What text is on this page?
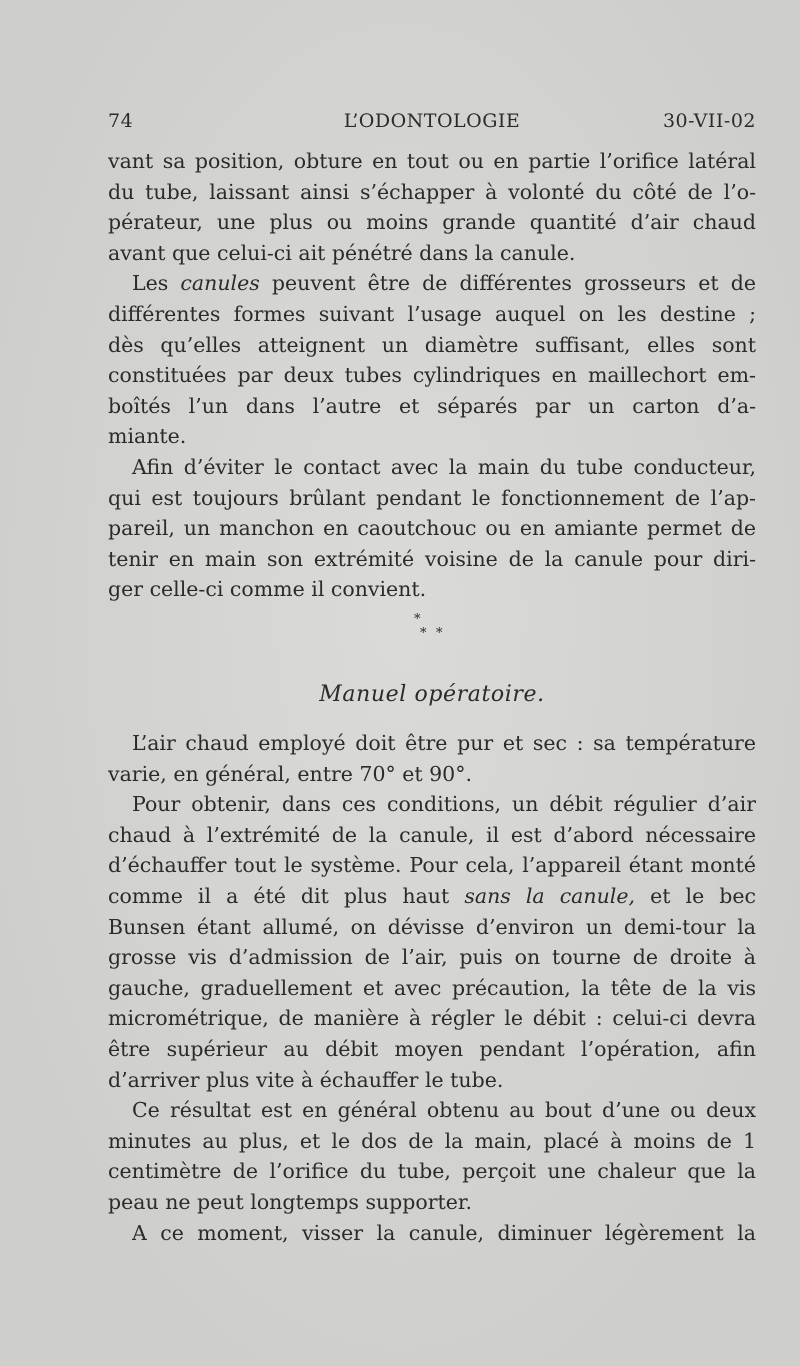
74	L’ODONTOLOGIE	30-VII-02
vant sa position, obture en tout ou en partie l’orifice latéral
du tube, laissant ainsi s’échapper à volonté du côté de l’o-
pérateur, une plus ou moins grande quantité d’air chaud
avant que celui-ci ait pénétré dans la canule.
Les canules peuvent être de différentes grosseurs et de
différentes formes suivant l’usage auquel on les destine ;
dès qu’elles atteignent un diamètre suffisant, elles sont
constituées par deux tubes cylindriques en maillechort em-
boîtés l’un dans l’autre et séparés par un carton d’a-
miante.
Afin d’éviter le contact avec la main du tube conducteur,
qui est toujours brûlant pendant le fonctionnement de l’ap-
pareil, un manchon en caoutchouc ou en amiante permet de
tenir en main son extrémité voisine de la canule pour diri-
ger celle-ci comme il convient.
*
* *
Manuel opératoire.
L’air chaud employé doit être pur et sec : sa température
varie, en général, entre 70° et 90°.
Pour obtenir, dans ces conditions, un débit régulier d’air
chaud à l’extrémité de la canule, il est d’abord nécessaire
d’échauffer tout le système. Pour cela, l’appareil étant monté
comme il a été dit plus haut sans la canule, et le bec
Bunsen étant allumé, on dévisse d’environ un demi-tour la
grosse vis d’admission de l’air, puis on tourne de droite à
gauche, graduellement et avec précaution, la tête de la vis
micrométrique, de manière à régler le débit : celui-ci devra
être supérieur au débit moyen pendant l’opération, afin
d’arriver plus vite à échauffer le tube.
Ce résultat est en général obtenu au bout d’une ou deux
minutes au plus, et le dos de la main, placé à moins de 1
centimètre de l’orifice du tube, perçoit une chaleur que la
peau ne peut longtemps supporter.
A ce moment, visser la canule, diminuer légèrement la
